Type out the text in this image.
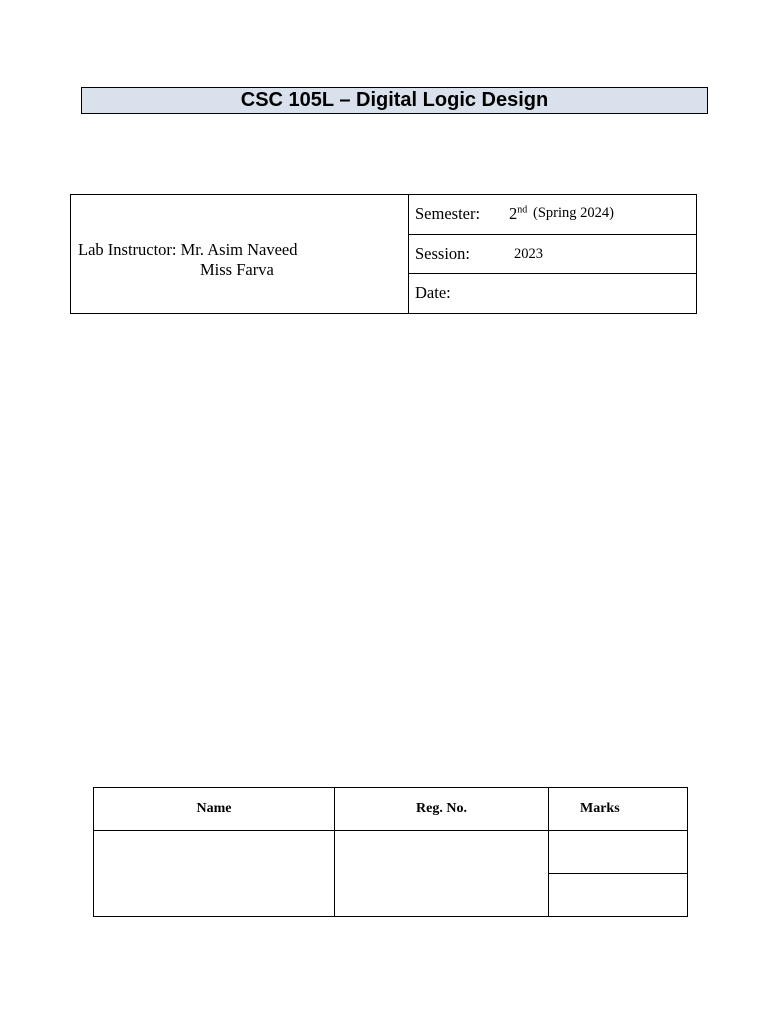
CSC 105L – Digital Logic Design
Lab Instructor: Mr. Asim Naveed
Miss Farva
Semester: 2nd (Spring 2024)
Session:	2023
Date:
Name	Reg. No.	Marks
